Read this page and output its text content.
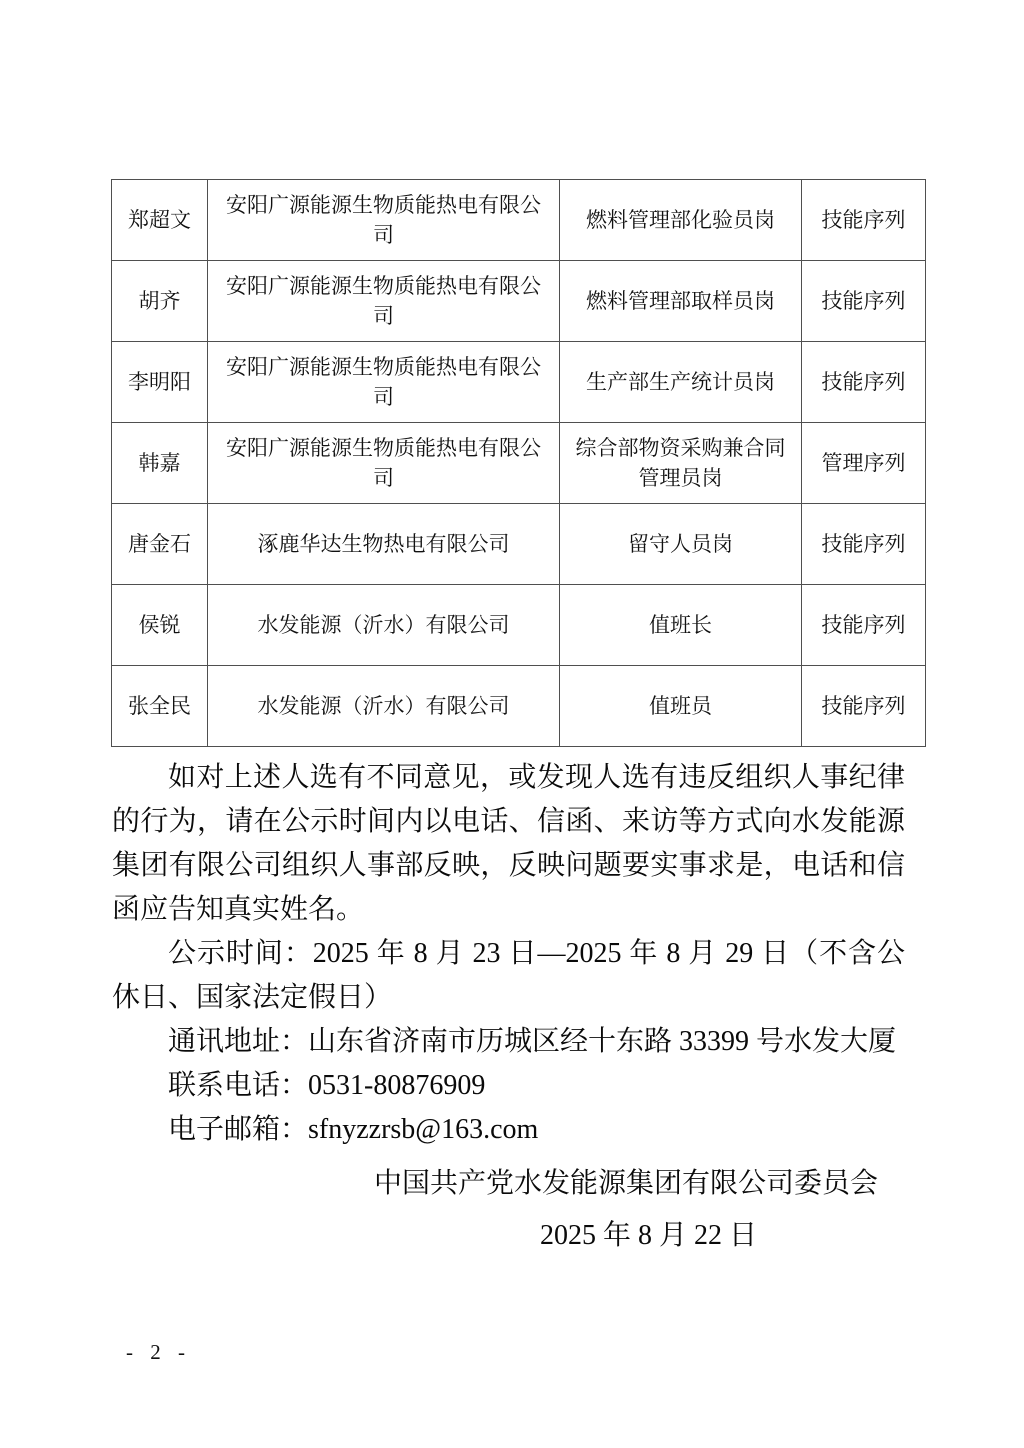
郑超文	安阳广源能源生物质能热电有限公司	燃料管理部化验员岗	技能序列
胡齐	安阳广源能源生物质能热电有限公司	燃料管理部取样员岗	技能序列
李明阳	安阳广源能源生物质能热电有限公司	生产部生产统计员岗	技能序列
韩嘉	安阳广源能源生物质能热电有限公司	综合部物资采购兼合同管理员岗	管理序列
唐金石	涿鹿华达生物热电有限公司	留守人员岗	技能序列
侯锐	水发能源（沂水）有限公司	值班长	技能序列
张全民	水发能源（沂水）有限公司	值班员	技能序列

如对上述人选有不同意见，或发现人选有违反组织人事纪律的行为，请在公示时间内以电话、信函、来访等方式向水发能源集团有限公司组织人事部反映，反映问题要实事求是，电话和信函应告知真实姓名。

公示时间：2025 年 8 月 23 日—2025 年 8 月 29 日（不含公休日、国家法定假日）

通讯地址：山东省济南市历城区经十东路 33399 号水发大厦

联系电话：0531-80876909

电子邮箱：sfnyzzrsb@163.com

中国共产党水发能源集团有限公司委员会
2025 年 8 月 22 日
- 2 -
